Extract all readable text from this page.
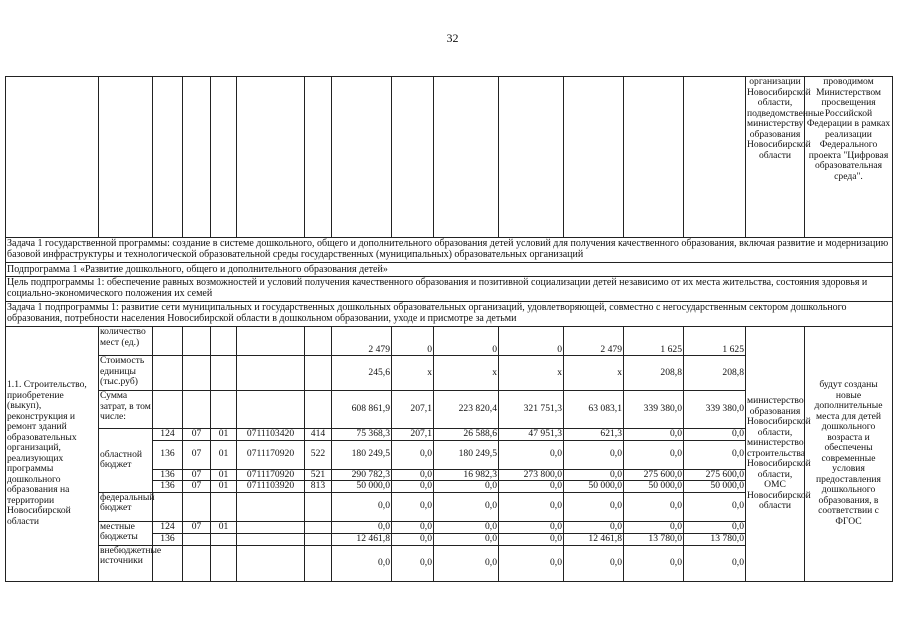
32
														организации Новосибирской области, подведомственные министерству образования Новосибирской области	проводимом Министерством просвещения Российской Федерации в рамках реализации Федерального проекта "Цифровая образовательная среда".
Задача 1 государственной программы: создание в системе дошкольного, общего и дополнительного образования детей условий для получения качественного образования, включая развитие и модернизацию базовой инфраструктуры и технологической образовательной среды государственных (муниципальных) образовательных организаций															
Подпрограмма 1 «Развитие дошкольного, общего и дополнительного образования детей»															
Цель подпрограммы 1: обеспечение равных возможностей и условий получения качественного образования и позитивной социализации детей независимо от их места жительства, состояния здоровья и социально-экономического положения их семей															
Задача 1 подпрограммы 1: развитие сети муниципальных и государственных дошкольных образовательных организаций, удовлетворяющей, совместно с негосударственным сектором дошкольного образования, потребности населения Новосибирской области в дошкольном образовании, уходе и присмотре за детьми															
1.1. Строительство, приобретение (выкуп), реконструкция и ремонт зданий образовательных организаций, реализующих программы дошкольного образования на территории Новосибирской области	количество мест (ед.)						2 479	0	0	0	2 479	1 625	1 625	министерство образования Новосибирской области, министерство строительства Новосибирской области, ОМС Новосибирской области	будут созданы новые дополнительные места для детей дошкольного возраста и обеспечены современные условия предоставления дошкольного образования, в соответствии с ФГОС
	Стоимость единицы (тыс.руб)						245,6	x	x	x	x	208,8	208,8		
	Сумма затрат, в том числе:						608 861,9	207,1	223 820,4	321 751,3	63 083,1	339 380,0	339 380,0		
	областной бюджет	124	07	01	0711103420	414	75 368,3	207,1	26 588,6	47 951,3	621,3	0,0	0,0		
		136	07	01	0711170920	522	180 249,5	0,0	180 249,5	0,0	0,0	0,0	0,0		
		136	07	01	0711170920	521	290 782,3	0,0	16 982,3	273 800,0	0,0	275 600,0	275 600,0		
		136	07	01	0711103920	813	50 000,0	0,0	0,0	0,0	50 000,0	50 000,0	50 000,0		
	федеральный бюджет						0,0	0,0	0,0	0,0	0,0	0,0	0,0		
	местные бюджеты	124	07	01			0,0	0,0	0,0	0,0	0,0	0,0	0,0		
		136					12 461,8	0,0	0,0	0,0	12 461,8	13 780,0	13 780,0		
	внебюджетные источники						0,0	0,0	0,0	0,0	0,0	0,0	0,0		
